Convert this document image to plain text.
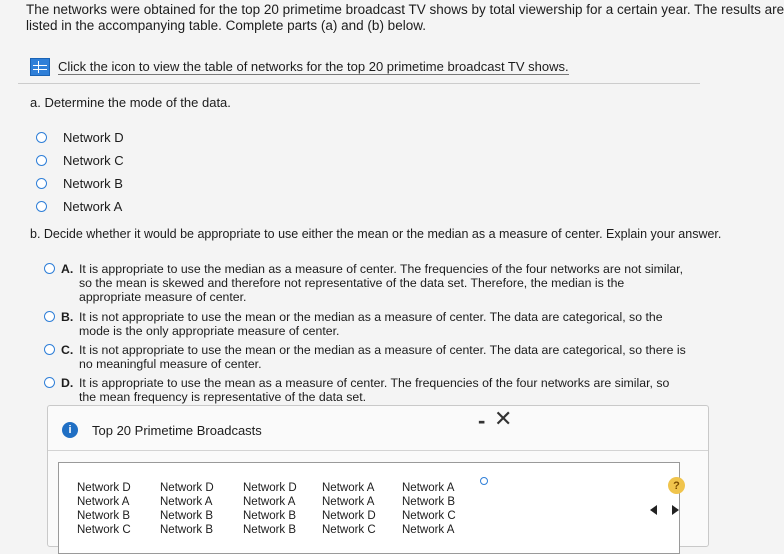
The networks were obtained for the top 20 primetime broadcast TV shows by total viewership for a certain year. The results are
listed in the accompanying table. Complete parts (a) and (b) below.
Click the icon to view the table of networks for the top 20 primetime broadcast TV shows.
a. Determine the mode of the data.
Network D
Network C
Network B
Network A
b. Decide whether it would be appropriate to use either the mean or the median as a measure of center. Explain your answer.
A. It is appropriate to use the median as a measure of center. The frequencies of the four networks are not similar, so the mean is skewed and therefore not representative of the data set. Therefore, the median is the appropriate measure of center.
B. It is not appropriate to use the mean or the median as a measure of center. The data are categorical, so the mode is the only appropriate measure of center.
C. It is not appropriate to use the mean or the median as a measure of center. The data are categorical, so there is no meaningful measure of center.
D. It is appropriate to use the mean as a measure of center. The frequencies of the four networks are similar, so the mean frequency is representative of the data set.
i	Top 20 Primetime Broadcasts	- ✕
Network D
Network A
Network B
Network C
Network D
Network A
Network B
Network B
Network D
Network A
Network B
Network B
Network A
Network A
Network D
Network C
Network A
Network B
Network C
Network A
?
